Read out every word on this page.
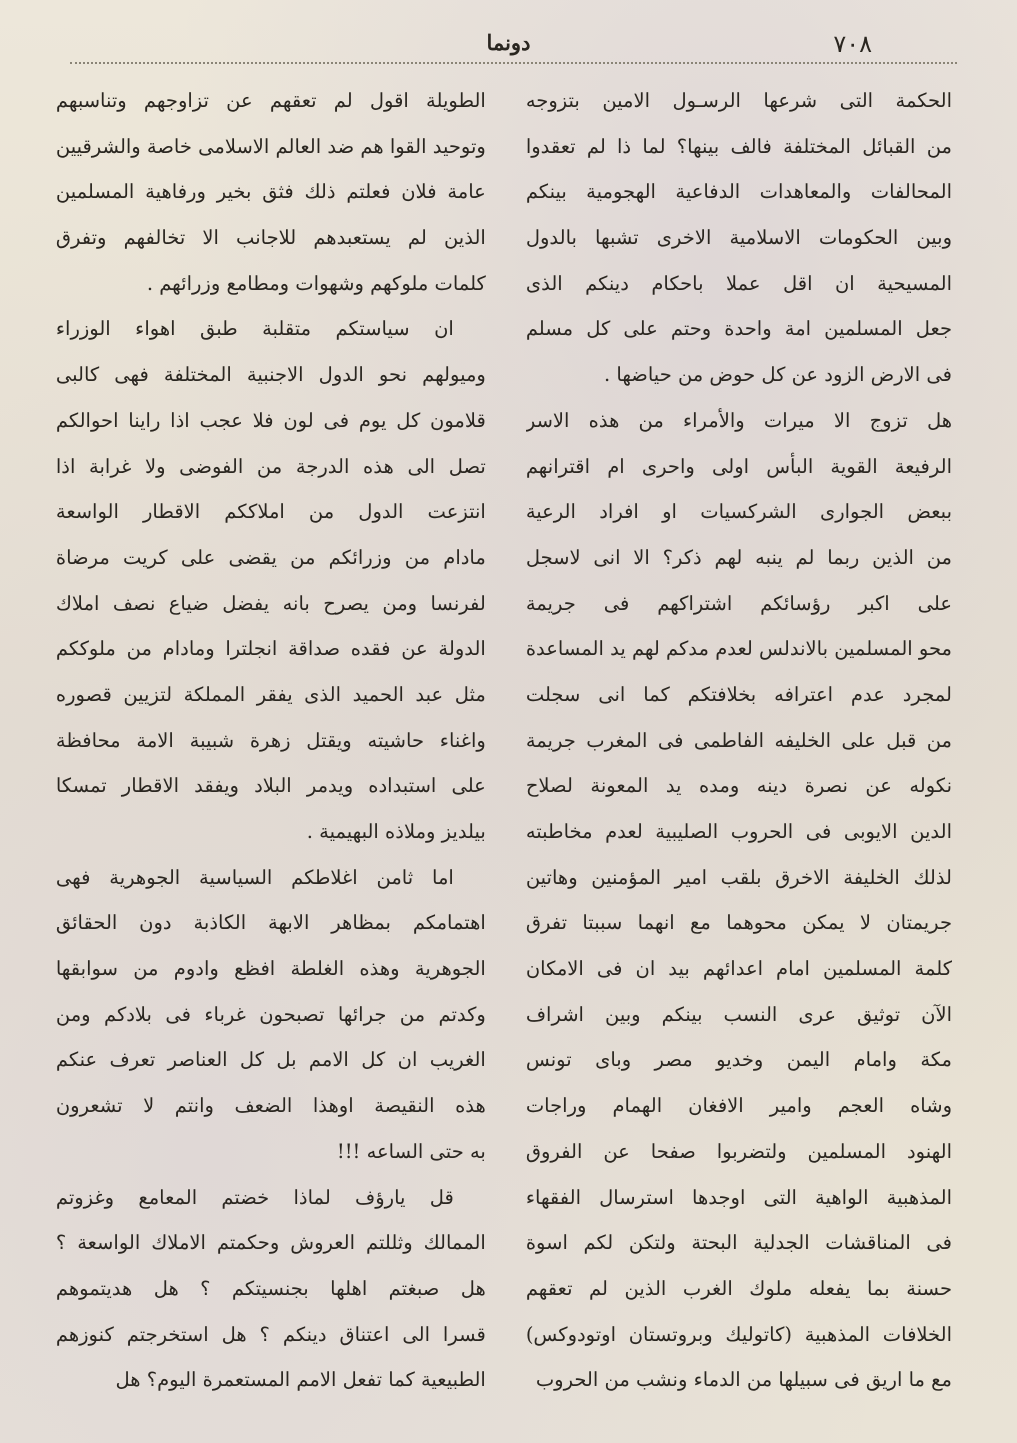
٧٠٨
دونما
الحكمة التى شرعها الرسـول الامين بتزوجه
من القبائل المختلفة فالف بينها؟ لما ذا لم تعقدوا
المحالفات والمعاهدات الدفاعية الهجومية بينكم
وبين الحكومات الاسلامية الاخرى تشبها بالدول
المسيحية ان اقل عملا باحكام دينكم الذى
جعل المسلمين امة واحدة وحتم على كل مسلم
فى الارض الزود عن كل حوض من حياضها .
هل تزوج الا ميرات والأمراء من هذه الاسر
الرفيعة القوية البأس اولى واحرى ام اقترانهم
ببعض الجوارى الشركسيات او افراد الرعية
من الذين ربما لم ينبه لهم ذكر؟ الا انى لاسجل
على اكبر رؤسائكم اشتراكهم فى جريمة
محو المسلمين بالاندلس لعدم مدكم لهم يد المساعدة
لمجرد عدم اعترافه بخلافتكم كما انى سجلت
من قبل على الخليفه الفاطمى فى المغرب جريمة
نكوله عن نصرة دينه ومده يد المعونة لصلاح
الدين الايوبى فى الحروب الصليبية لعدم مخاطبته
لذلك الخليفة الاخرق بلقب امير المؤمنين وهاتين
جريمتان لا يمكن محوهما مع انهما سببتا تفرق
كلمة المسلمين امام اعدائهم بيد ان فى الامكان
الآن توثيق عرى النسب بينكم وبين اشراف
مكة وامام اليمن وخديو مصر وباى تونس
وشاه العجم وامير الافغان الهمام وراجات
الهنود المسلمين ولتضربوا صفحا عن الفروق
المذهبية الواهية التى اوجدها استرسال الفقهاء
فى المناقشات الجدلية البحتة ولتكن لكم اسوة
حسنة بما يفعله ملوك الغرب الذين لم تعقهم
الخلافات المذهبية (كاتوليك وبروتستان اوتودوكس)
مع ما اريق فى سبيلها من الدماء ونشب من الحروب
الطويلة اقول لم تعقهم عن تزاوجهم وتناسبهم
وتوحيد القوا هم ضد العالم الاسلامى خاصة والشرقيين
عامة فلان فعلتم ذلك فثق بخير ورفاهية المسلمين
الذين لم يستعبدهم للاجانب الا تخالفهم وتفرق
كلمات ملوكهم وشهوات ومطامع وزرائهم .
ان سياستكم متقلبة طبق اهواء الوزراء
وميولهم نحو الدول الاجنبية المختلفة فهى كالبى
قلامون كل يوم فى لون فلا عجب اذا راينا احوالكم
تصل الى هذه الدرجة من الفوضى ولا غرابة اذا
انتزعت الدول من املاككم الاقطار الواسعة
مادام من وزرائكم من يقضى على كريت مرضاة
لفرنسا ومن يصرح بانه يفضل ضياع نصف املاك
الدولة عن فقده صداقة انجلترا ومادام من ملوككم
مثل عبد الحميد الذى يفقر المملكة لتزيين قصوره
واغناء حاشيته ويقتل زهرة شبيبة الامة محافظة
على استبداده ويدمر البلاد ويفقد الاقطار تمسكا
بيلديز وملاذه البهيمية .
اما ثامن اغلاطكم السياسية الجوهرية فهى
اهتمامكم بمظاهر الابهة الكاذبة دون الحقائق
الجوهرية وهذه الغلطة افظع وادوم من سوابقها
وكدتم من جرائها تصبحون غرباء فى بلادكم ومن
الغريب ان كل الامم بل كل العناصر تعرف عنكم
هذه النقيصة اوهذا الضعف وانتم لا تشعرون
به حتى الساعه !!!
قل يارؤف لماذا خضتم المعامع وغزوتم
الممالك وثللتم العروش وحكمتم الاملاك الواسعة ؟
هل صبغتم اهلها بجنسيتكم ؟ هل هديتموهم
قسرا الى اعتناق دينكم ؟ هل استخرجتم كنوزهم
الطبيعية كما تفعل الامم المستعمرة اليوم؟ هل
